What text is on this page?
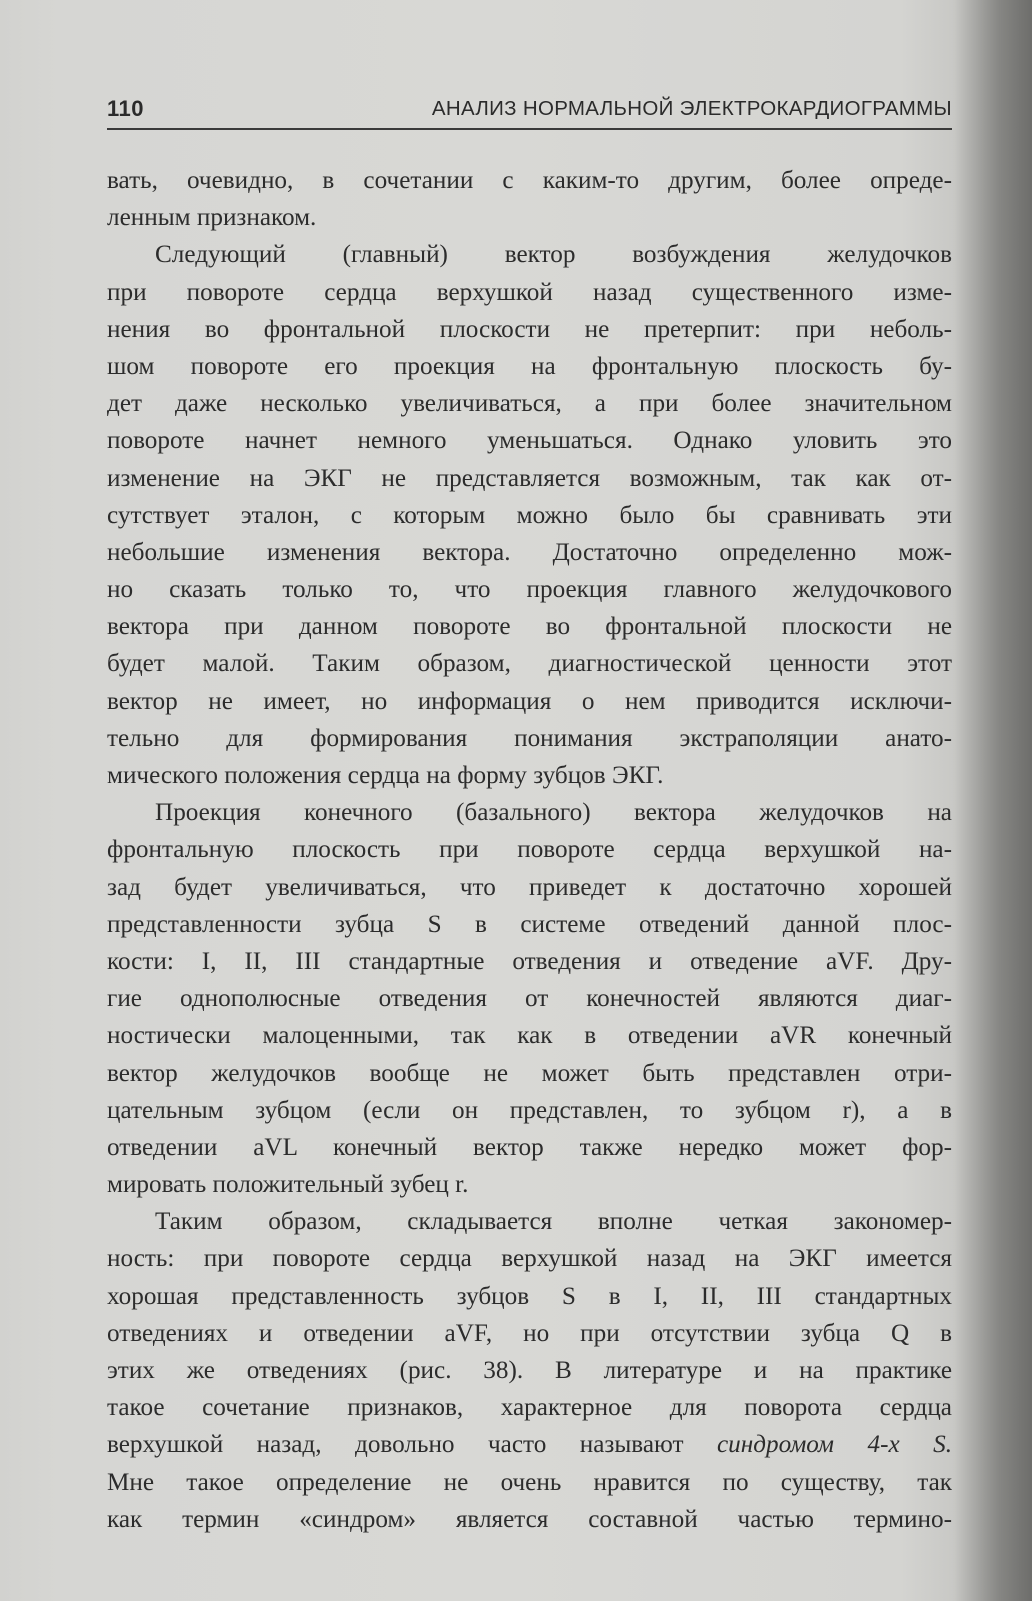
110	АНАЛИЗ НОРМАЛЬНОЙ ЭЛЕКТРОКАРДИОГРАММЫ
вать, очевидно, в сочетании с каким-то другим, более опреде-
ленным признаком.
Следующий (главный) вектор возбуждения желудочков
при повороте сердца верхушкой назад существенного изме-
нения во фронтальной плоскости не претерпит: при неболь-
шом повороте его проекция на фронтальную плоскость бу-
дет даже несколько увеличиваться, а при более значительном
повороте начнет немного уменьшаться. Однако уловить это
изменение на ЭКГ не представляется возможным, так как от-
сутствует эталон, с которым можно было бы сравнивать эти
небольшие изменения вектора. Достаточно определенно мож-
но сказать только то, что проекция главного желудочкового
вектора при данном повороте во фронтальной плоскости не
будет малой. Таким образом, диагностической ценности этот
вектор не имеет, но информация о нем приводится исключи-
тельно для формирования понимания экстраполяции анато-
мического положения сердца на форму зубцов ЭКГ.
Проекция конечного (базального) вектора желудочков на
фронтальную плоскость при повороте сердца верхушкой на-
зад будет увеличиваться, что приведет к достаточно хорошей
представленности зубца S в системе отведений данной плос-
кости: I, II, III стандартные отведения и отведение aVF. Дру-
гие однополюсные отведения от конечностей являются диаг-
ностически малоценными, так как в отведении aVR конечный
вектор желудочков вообще не может быть представлен отри-
цательным зубцом (если он представлен, то зубцом r), а в
отведении aVL конечный вектор также нередко может фор-
мировать положительный зубец r.
Таким образом, складывается вполне четкая закономер-
ность: при повороте сердца верхушкой назад на ЭКГ имеется
хорошая представленность зубцов S в I, II, III стандартных
отведениях и отведении aVF, но при отсутствии зубца Q в
этих же отведениях (рис. 38). В литературе и на практике
такое сочетание признаков, характерное для поворота сердца
верхушкой назад, довольно часто называют синдромом 4-х S.
Мне такое определение не очень нравится по существу, так
как термин «синдром» является составной частью термино-
